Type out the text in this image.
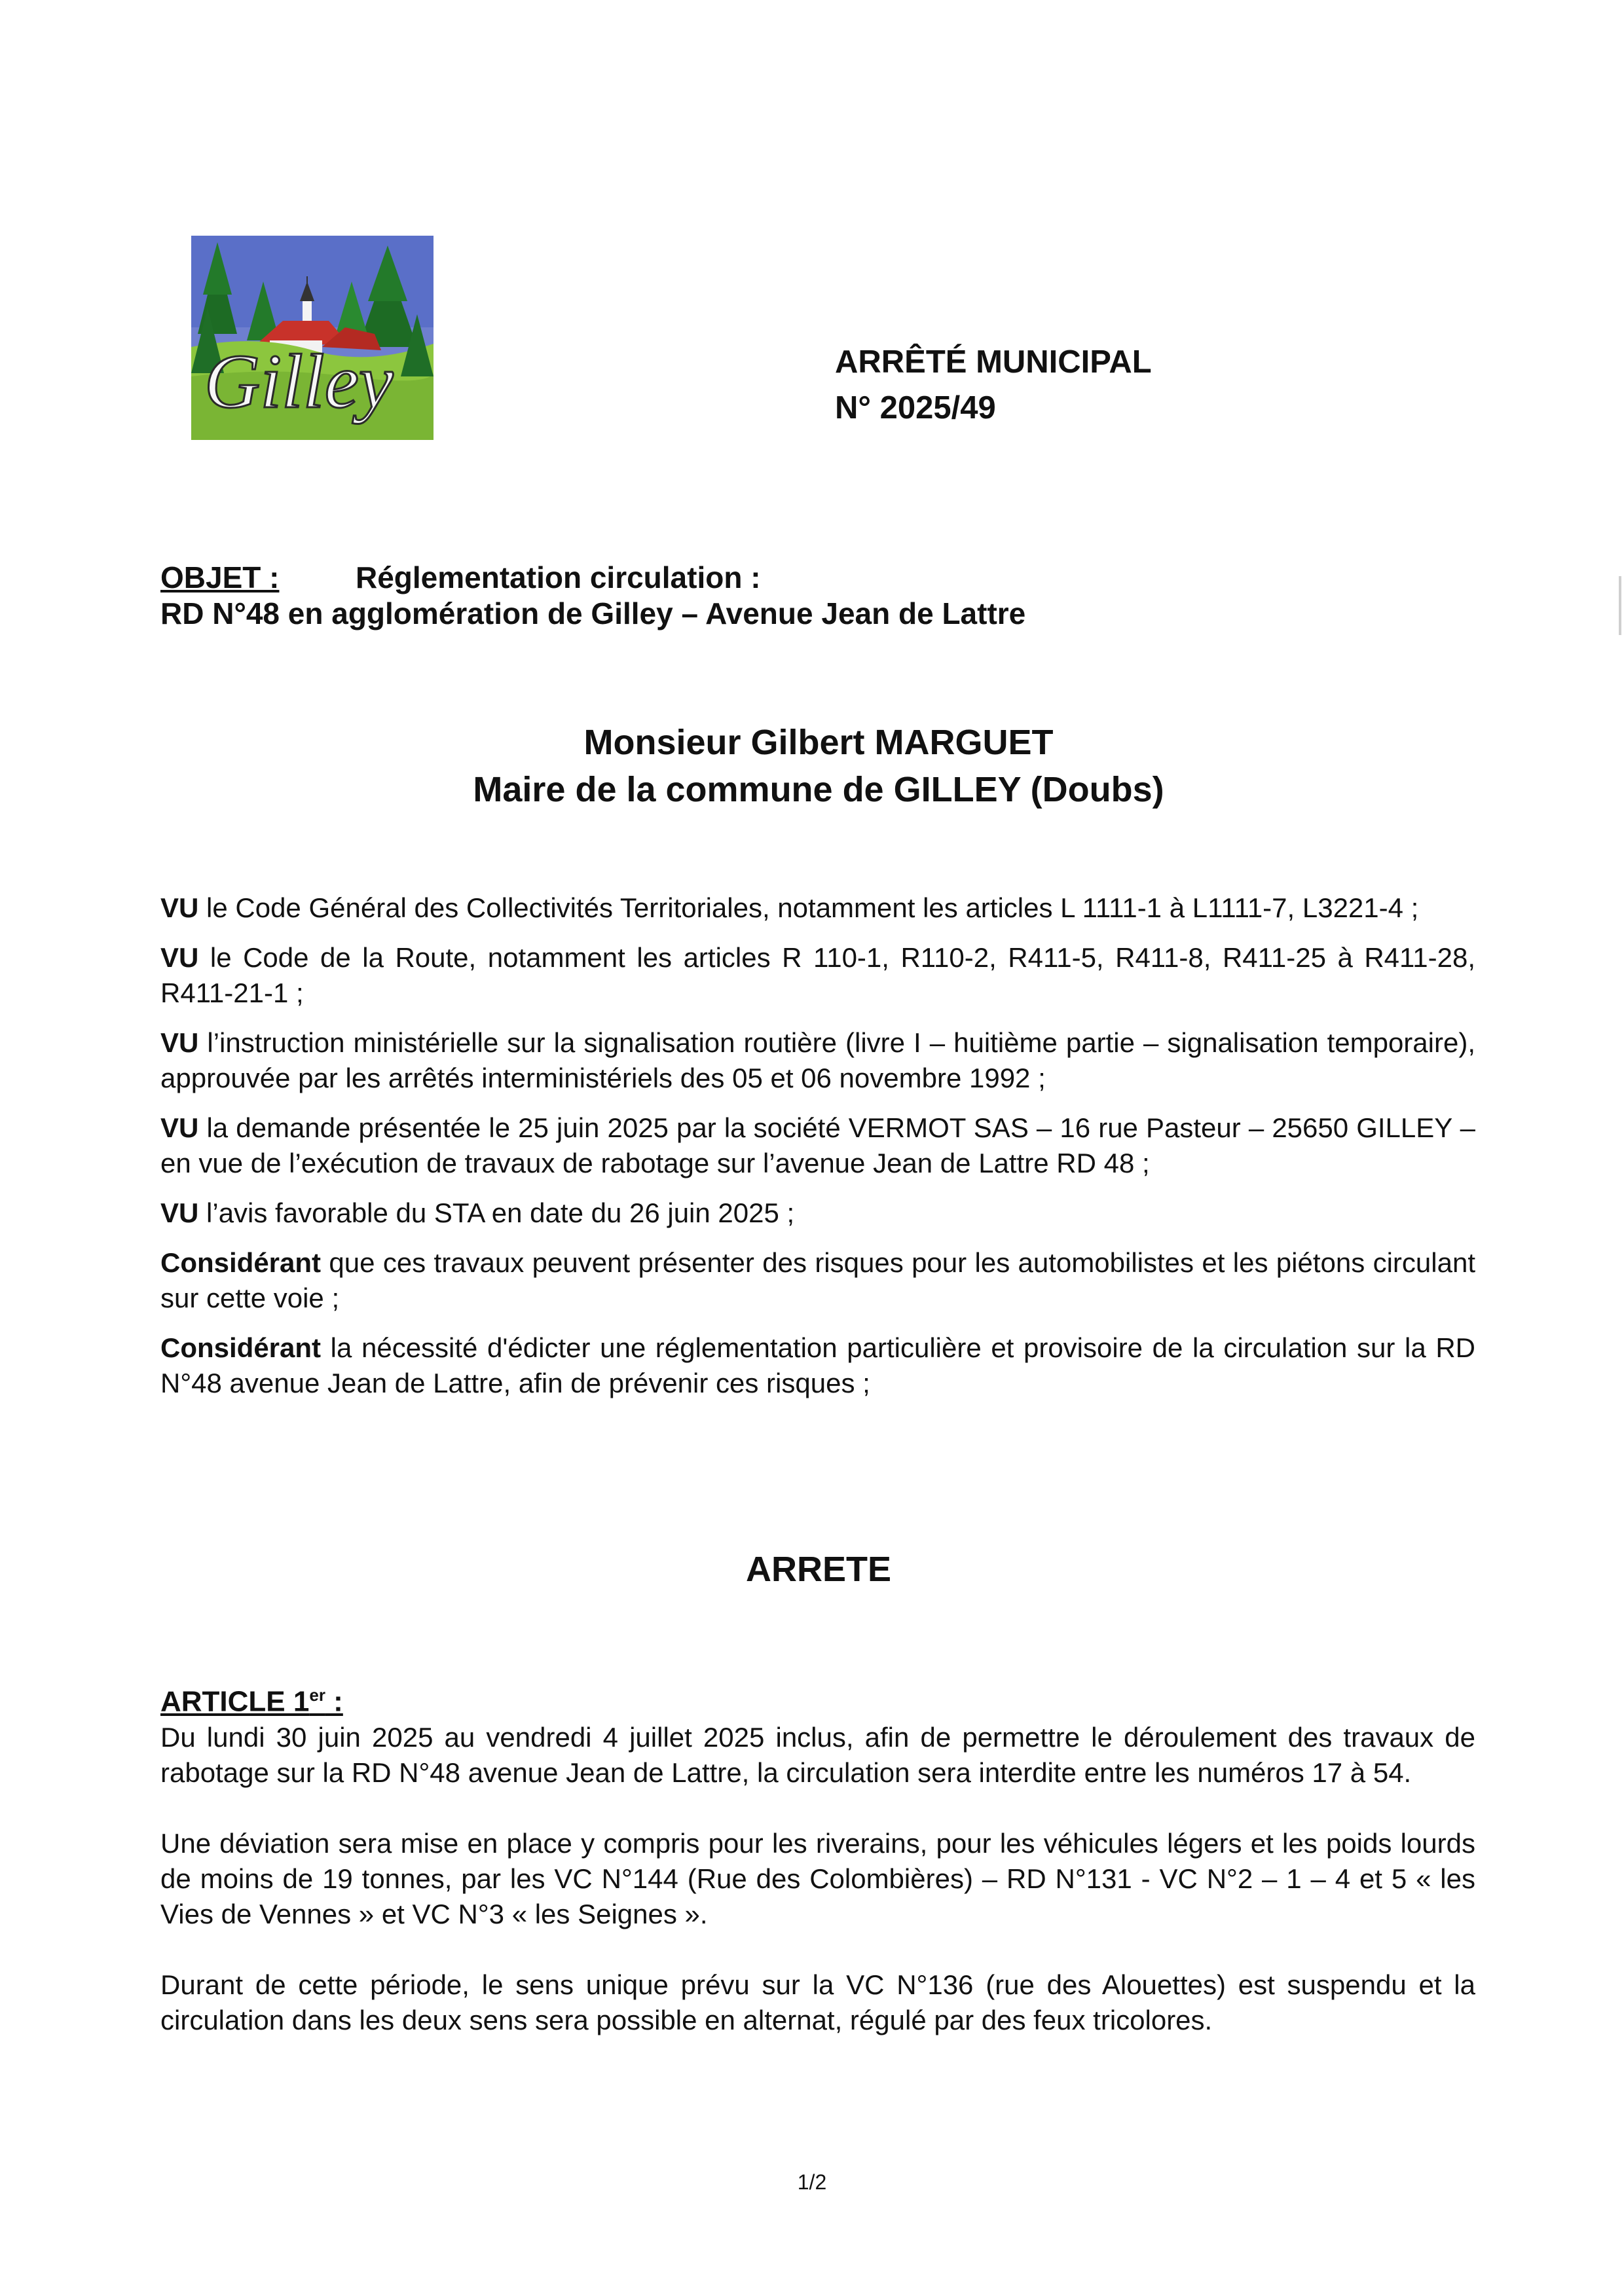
Gilley	ARRÊTÉ MUNICIPAL
N° 2025/49
OBJET :	Réglementation circulation :
RD N°48 en agglomération de Gilley – Avenue Jean de Lattre
Monsieur Gilbert MARGUET
Maire de la commune de GILLEY (Doubs)

VU le Code Général des Collectivités Territoriales, notamment les articles L 1111-1 à L1111-7, L3221-4 ;

VU le Code de la Route, notamment les articles R 110-1, R110-2, R411-5, R411-8, R411-25 à R411-28, R411-21-1 ;

VU l’instruction ministérielle sur la signalisation routière (livre I – huitième partie – signalisation temporaire), approuvée par les arrêtés interministériels des 05 et 06 novembre 1992 ;

VU la demande présentée le 25 juin 2025 par la société VERMOT SAS – 16 rue Pasteur – 25650 GILLEY – en vue de l’exécution de travaux de rabotage sur l’avenue Jean de Lattre RD 48 ;

VU l’avis favorable du STA en date du 26 juin 2025 ;

Considérant que ces travaux peuvent présenter des risques pour les automobilistes et les piétons circulant sur cette voie ;

Considérant la nécessité d'édicter une réglementation particulière et provisoire de la circulation sur la RD N°48 avenue Jean de Lattre, afin de prévenir ces risques ;

ARRETE
ARTICLE 1er :

Du lundi 30 juin 2025 au vendredi 4 juillet 2025 inclus, afin de permettre le déroulement des travaux de rabotage sur la RD N°48 avenue Jean de Lattre, la circulation sera interdite entre les numéros 17 à 54.

Une déviation sera mise en place y compris pour les riverains, pour les véhicules légers et les poids lourds de moins de 19 tonnes, par les VC N°144 (Rue des Colombières) – RD N°131 - VC N°2 – 1 – 4 et 5 « les Vies de Vennes » et VC N°3 « les Seignes ».

Durant de cette période, le sens unique prévu sur la VC N°136 (rue des Alouettes) est suspendu et la circulation dans les deux sens sera possible en alternat, régulé par des feux tricolores.

1/2
